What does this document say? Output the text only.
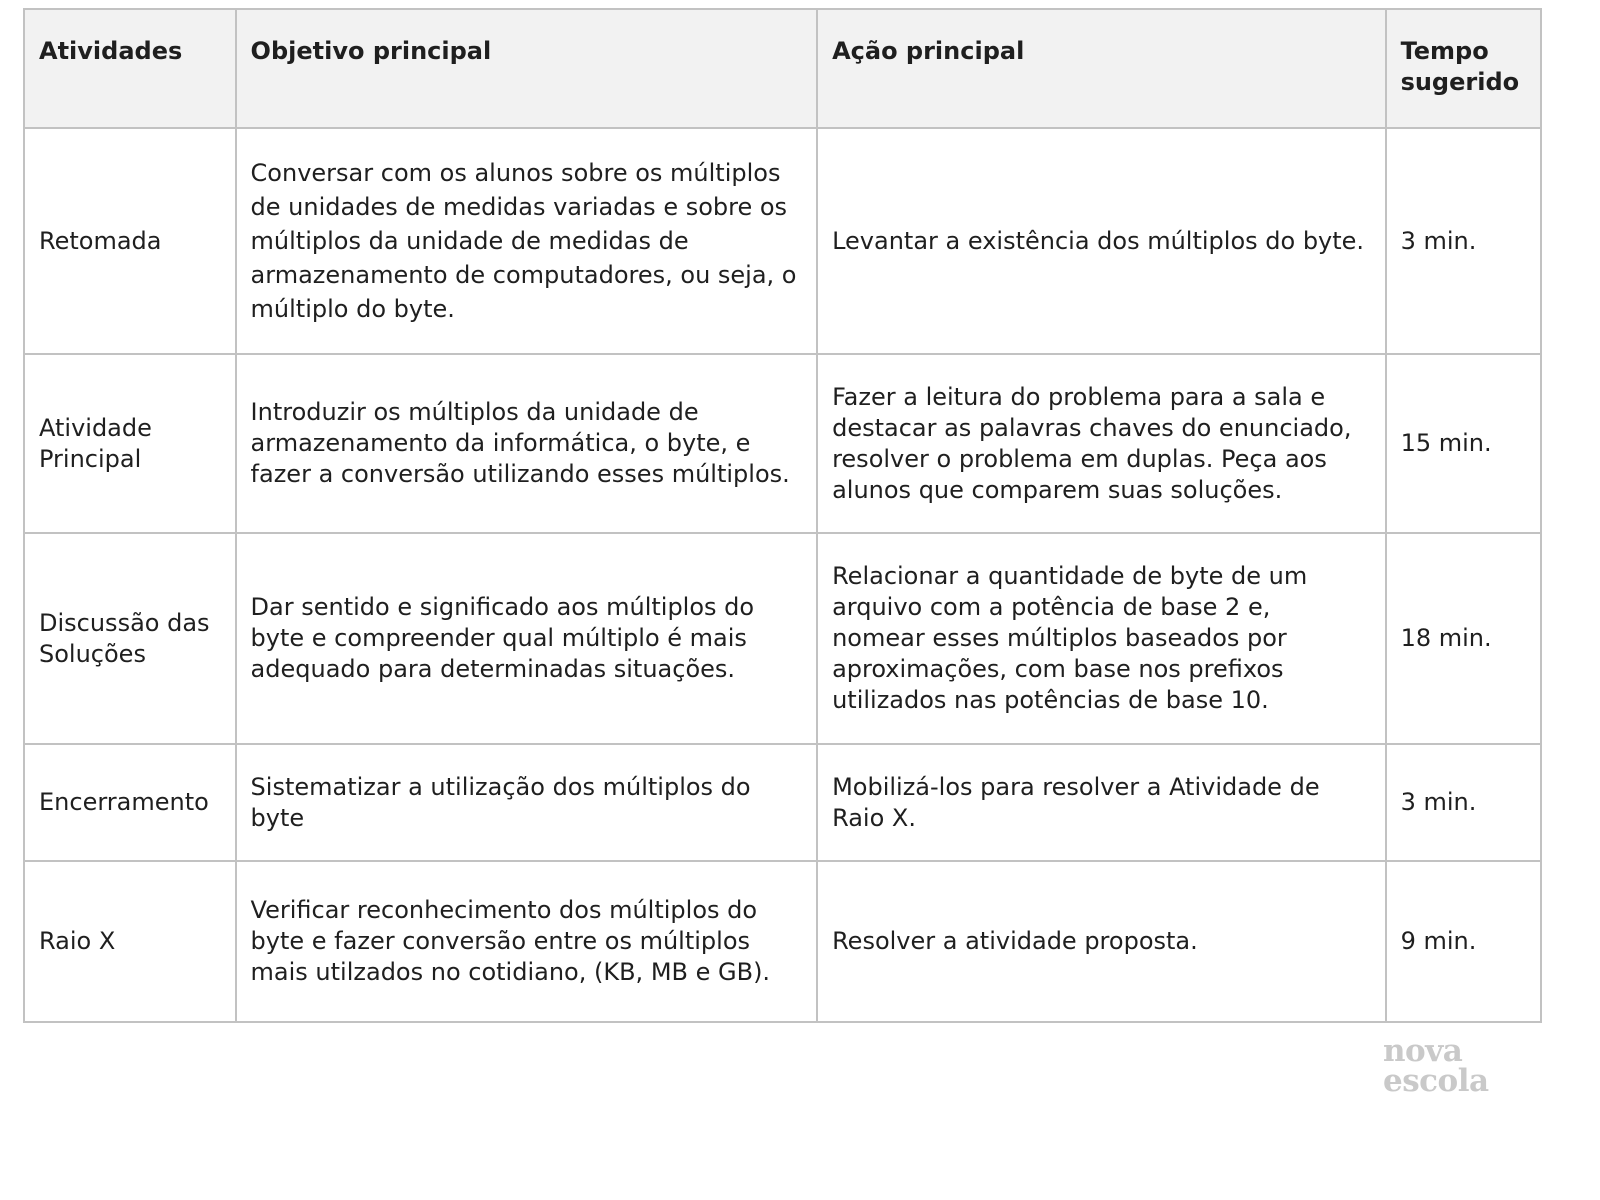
Atividades	Objetivo principal	Ação principal	Tempo sugerido
Retomada	Conversar com os alunos sobre os múltiplos de unidades de medidas variadas e sobre os múltiplos da unidade de medidas de armazenamento de computadores, ou seja, o múltiplo do byte.	Levantar a existência dos múltiplos do byte.	3 min.
Atividade Principal	Introduzir os múltiplos da unidade de armazenamento da informática, o byte, e fazer a conversão utilizando esses múltiplos.	Fazer a leitura do problema para a sala e destacar as palavras chaves do enunciado, resolver o problema em duplas. Peça aos alunos que comparem suas soluções.	15 min.
Discussão das Soluções	Dar sentido e significado aos múltiplos do byte e compreender qual múltiplo é mais adequado para determinadas situações.	Relacionar a quantidade de byte de um arquivo com a potência de base 2 e, nomear esses múltiplos baseados por aproximações, com base nos prefixos utilizados nas potências de base 10.	18 min.
Encerramento	Sistematizar a utilização dos múltiplos do byte	Mobilizá-los para resolver a Atividade de Raio X.	3 min.
Raio X	Verificar reconhecimento dos múltiplos do byte e fazer conversão entre os múltiplos mais utilzados no cotidiano, (KB, MB e GB).	Resolver a atividade proposta.	9 min.
nova
escola
